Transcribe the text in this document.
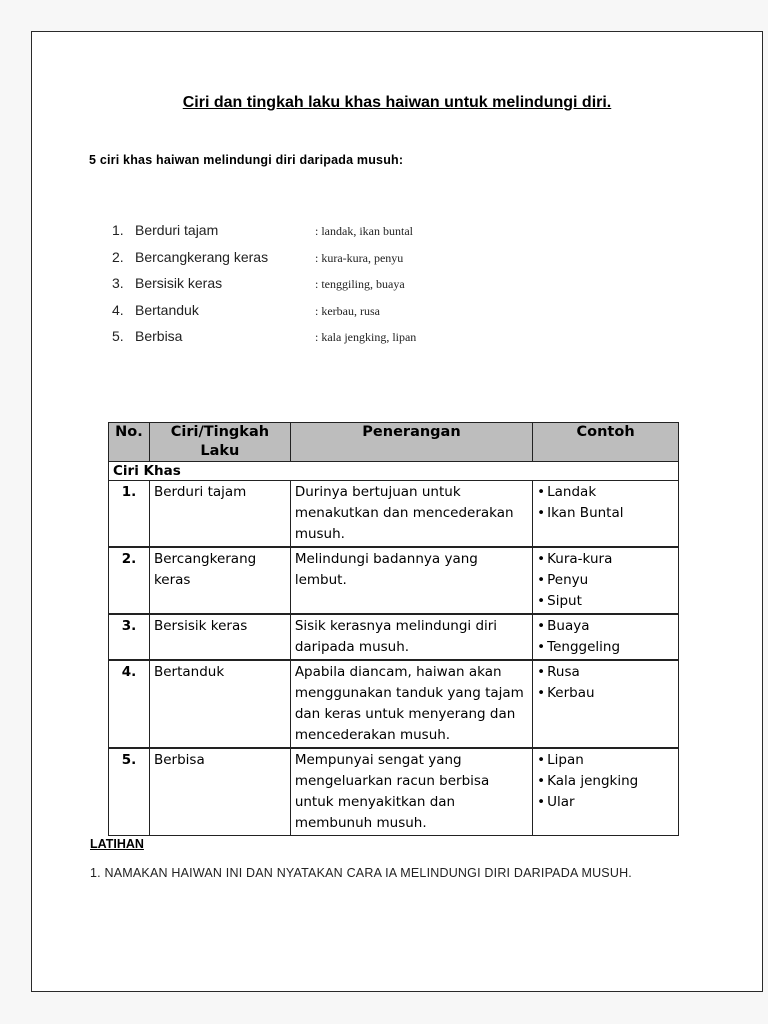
Ciri dan tingkah laku khas haiwan untuk melindungi diri.
5 ciri khas haiwan melindungi diri daripada musuh:
1. Berduri tajam	: landak, ikan buntal
2. Bercangkerang keras	: kura-kura, penyu
3. Bersisik keras	: tenggiling, buaya
4. Bertanduk	: kerbau, rusa
5. Berbisa	: kala jengking, lipan
No.	Ciri/Tingkah Laku	Penerangan	Contoh
Ciri Khas			
1.	Berduri tajam	Durinya bertujuan untuk menakutkan dan mencederakan musuh.	• Landak
• Ikan Buntal

2.	Bercangkerang keras	Melindungi badannya yang lembut.	• Kura-kura
• Penyu
• Siput

3.	Bersisik keras	Sisik kerasnya melindungi diri daripada musuh.	• Buaya
• Tenggeling

4.	Bertanduk	Apabila diancam, haiwan akan menggunakan tanduk yang tajam dan keras untuk menyerang dan mencederakan musuh.	• Rusa
• Kerbau

5.	Berbisa	Mempunyai sengat yang mengeluarkan racun berbisa untuk menyakitkan dan membunuh musuh.	• Lipan
• Kala jengking
• Ular
LATIHAN
1. NAMAKAN HAIWAN INI DAN NYATAKAN CARA IA MELINDUNGI DIRI DARIPADA MUSUH.
